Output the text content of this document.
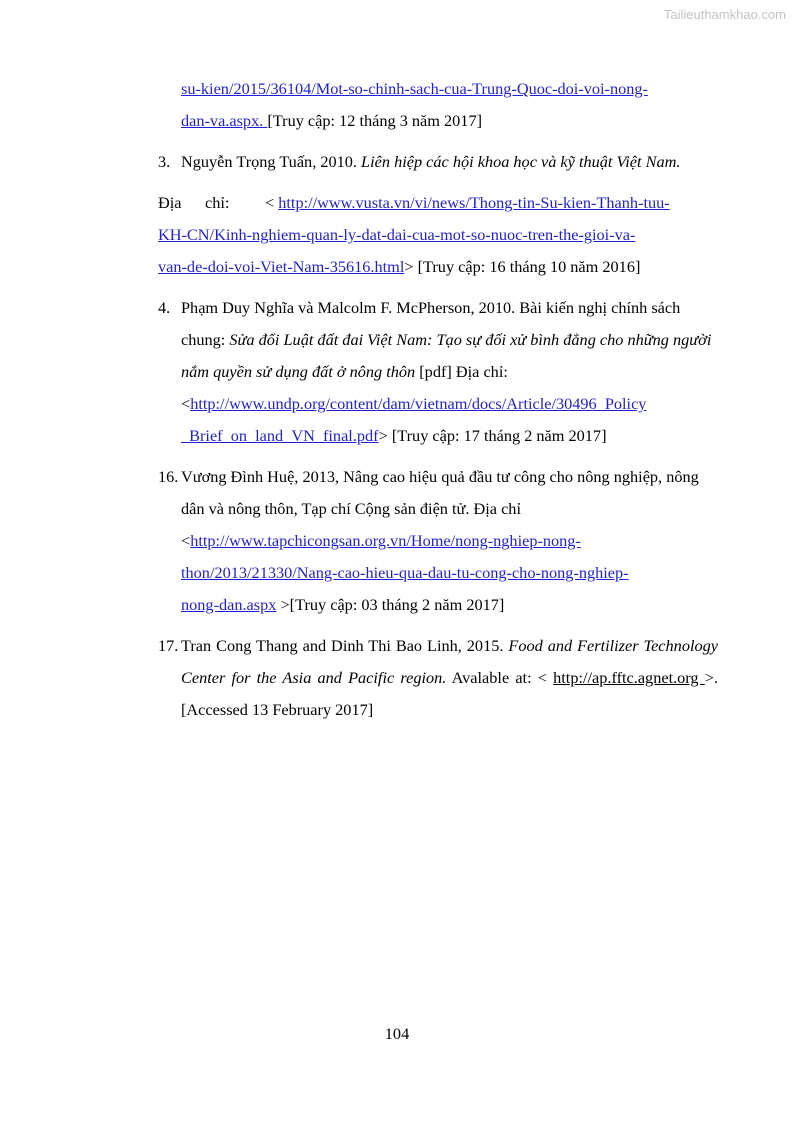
Tailieuthamkhao.com
su-kien/2015/36104/Mot-so-chinh-sach-cua-Trung-Quoc-doi-voi-nong-
dan-va.aspx. [Truy cập: 12 tháng 3 năm 2017]
3. Nguyễn Trọng Tuấn, 2010. Liên hiệp các hội khoa học và kỹ thuật Việt Nam.
Địa chỉ: < http://www.vusta.vn/vi/news/Thong-tin-Su-kien-Thanh-tuu-
KH-CN/Kinh-nghiem-quan-ly-dat-dai-cua-mot-so-nuoc-tren-the-gioi-va-
van-de-doi-voi-Viet-Nam-35616.html> [Truy cập: 16 tháng 10 năm 2016]
4. Phạm Duy Nghĩa và Malcolm F. McPherson, 2010. Bài kiến nghị chính sách chung: Sửa đổi Luật đất đai Việt Nam: Tạo sự đối xử bình đẳng cho những người nắm quyền sử dụng đất ở nông thôn [pdf] Địa chỉ: <http://www.undp.org/content/dam/vietnam/docs/Article/30496_Policy
_Brief_on_land_VN_final.pdf> [Truy cập: 17 tháng 2 năm 2017]
16. Vương Đình Huệ, 2013, Nâng cao hiệu quả đầu tư công cho nông nghiệp, nông dân và nông thôn, Tạp chí Cộng sản điện tử. Địa chỉ <http://www.tapchicongsan.org.vn/Home/nong-nghiep-nong-
thon/2013/21330/Nang-cao-hieu-qua-dau-tu-cong-cho-nong-nghiep-
nong-dan.aspx >[Truy cập: 03 tháng 2 năm 2017]
17. Tran Cong Thang and Dinh Thi Bao Linh, 2015. Food and Fertilizer Technology Center for the Asia and Pacific region. Avalable at: < http://ap.fftc.agnet.org >. [Accessed 13 February 2017]
104
